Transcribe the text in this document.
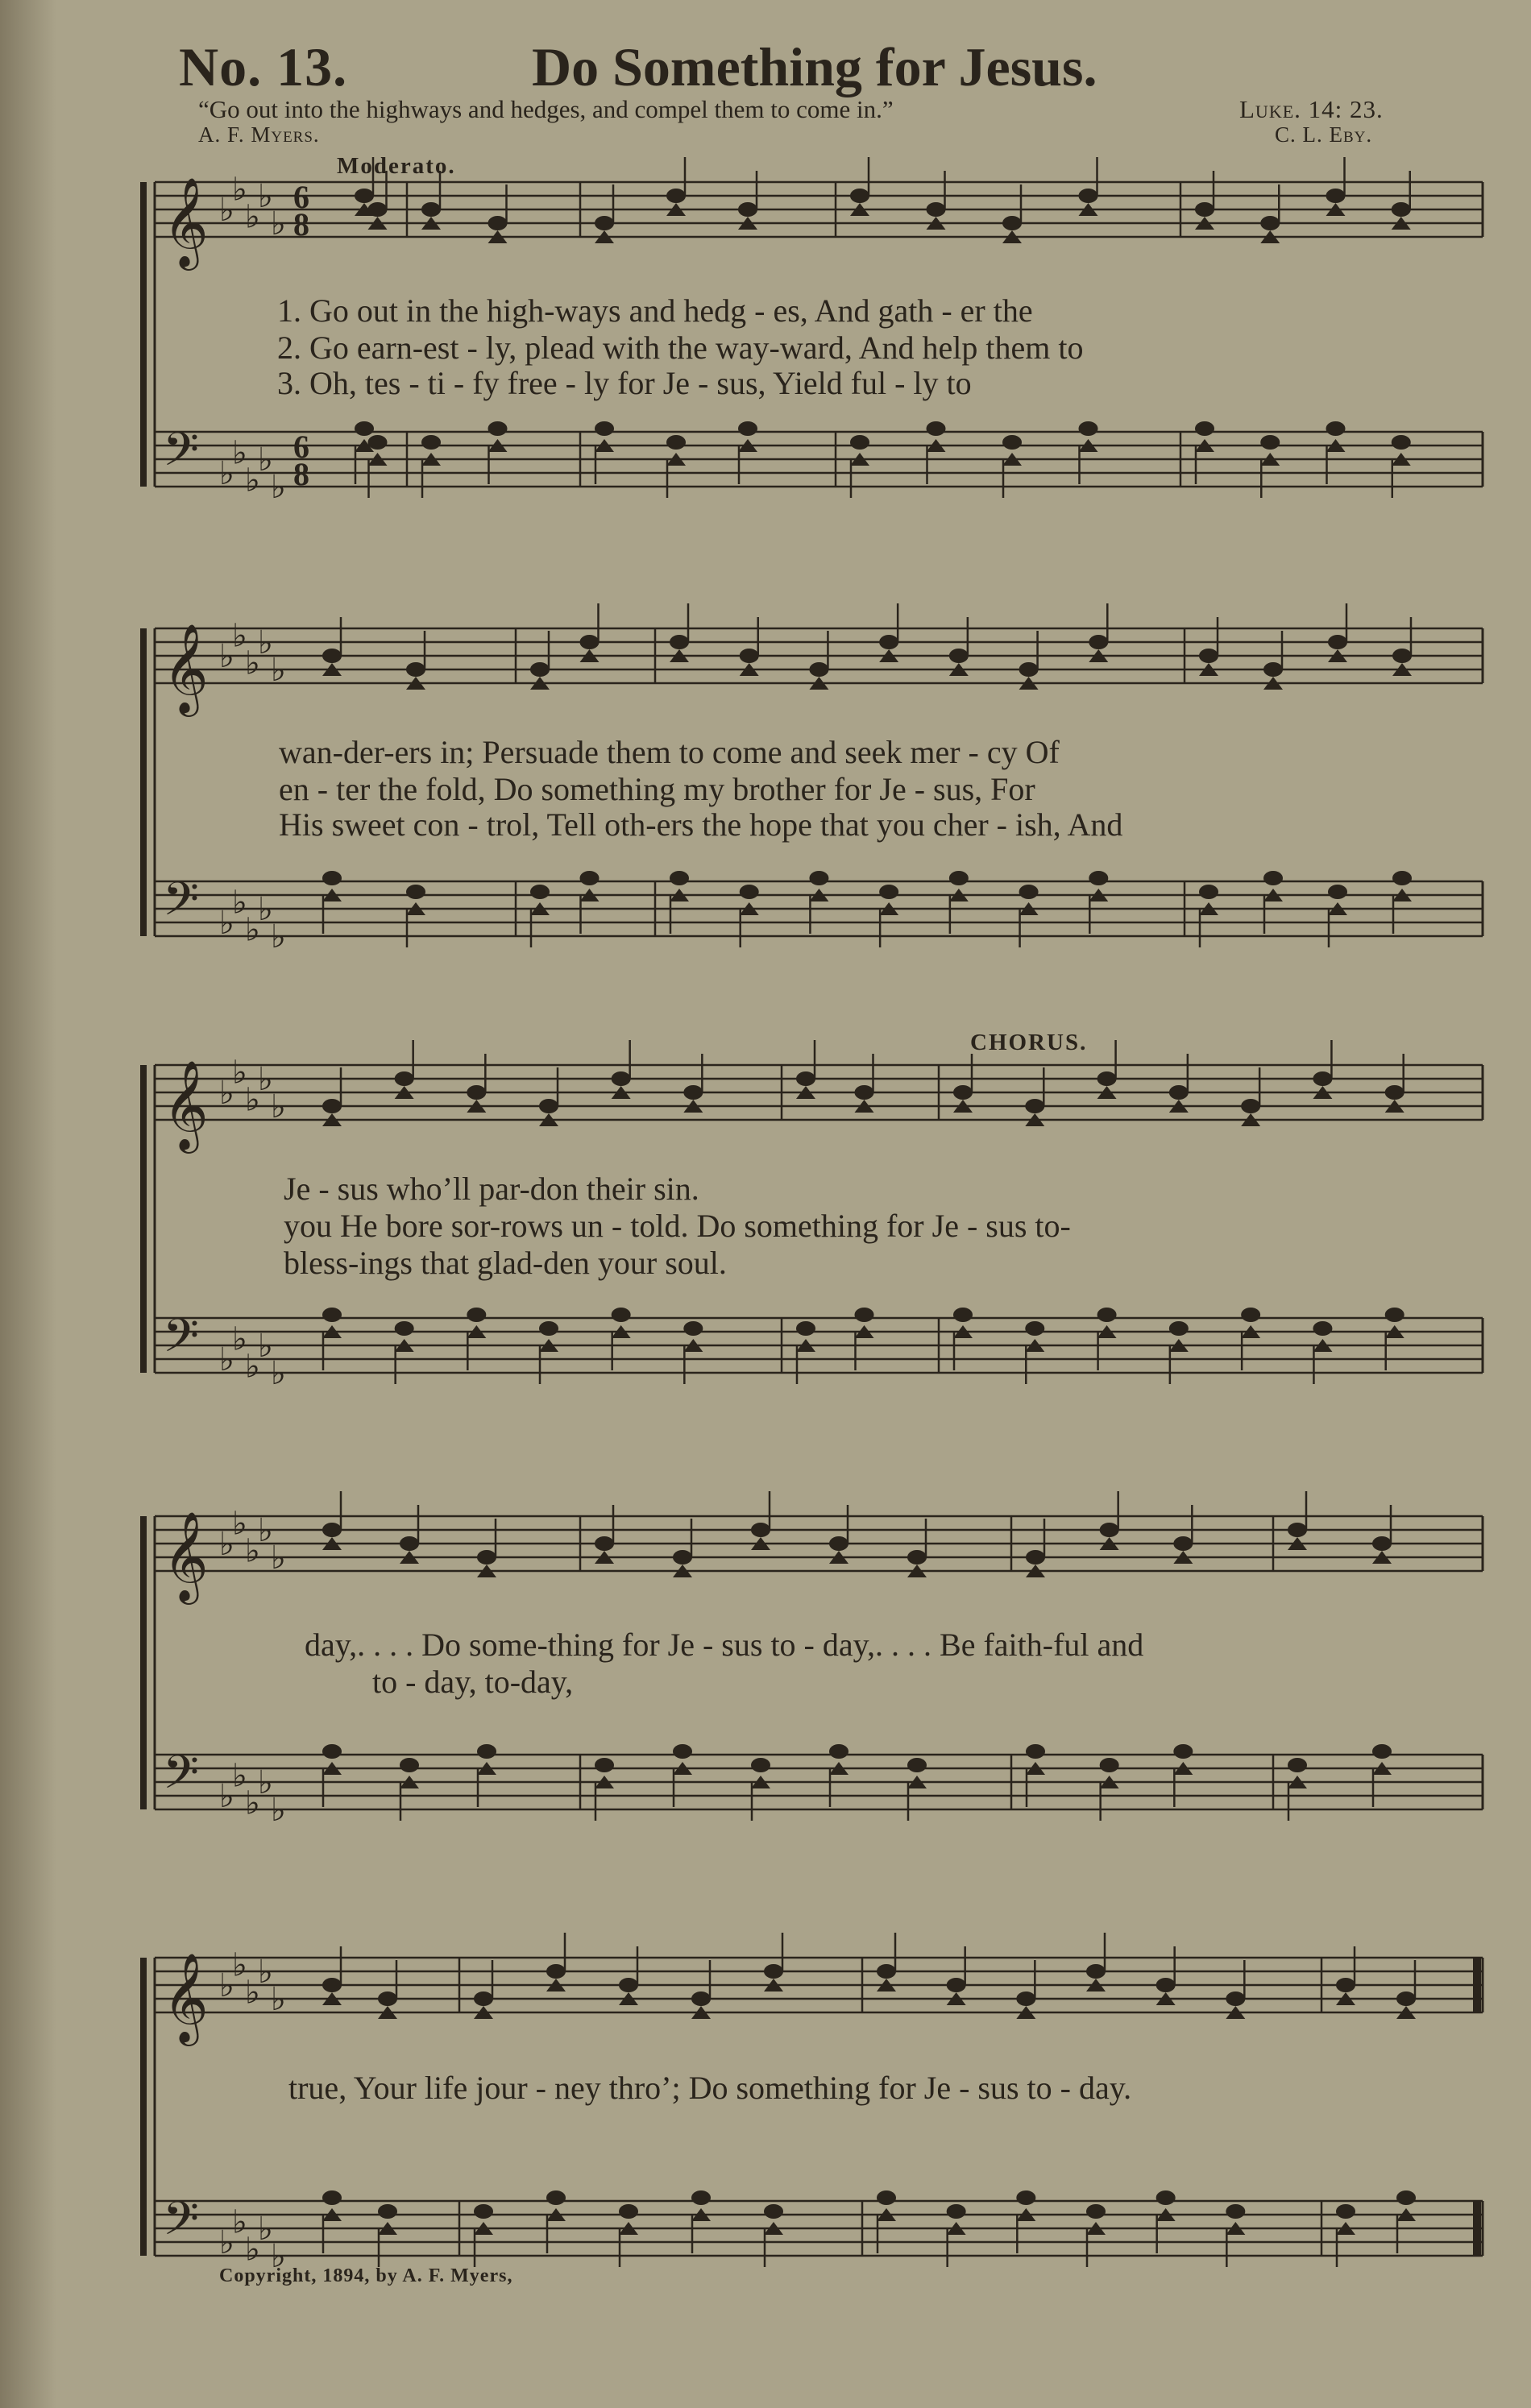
No. 13.	Do Something for Jesus.
“Go out into the highways and hedges, and compel them to come in.”	Luke. 14: 23.
A. F. Myers.	C. L. Eby.
Moderato.
CHORUS.
𝄞
𝄢
♭
♭
♭
♭
♭
♭
♭
♭
♭
♭
6
8
6
8
𝄞
𝄢
♭
♭
♭
♭
♭
♭
♭
♭
♭
♭
𝄞
𝄢
♭
♭
♭
♭
♭
♭
♭
♭
♭
♭
𝄞
𝄢
♭
♭
♭
♭
♭
♭
♭
♭
♭
♭
𝄞
𝄢
♭
♭
♭
♭
♭
♭
♭
♭
♭
♭
1. Go out in the high-ways and hedg - es, And gath - er the
2. Go earn-est - ly, plead with the way-ward, And help them to
3. Oh, tes - ti - fy free - ly for Je - sus, Yield ful - ly to
wan-der-ers in; Persuade them to come and seek mer - cy Of
en - ter the fold, Do something my brother for Je - sus, For
His sweet con - trol, Tell oth-ers the hope that you cher - ish, And
Je - sus who’ll par-don their sin.
you He bore sor-rows un - told. Do something for Je - sus to-
bless-ings that glad-den your soul.
day,. . . . Do some-thing for Je - sus to - day,. . . . Be faith-ful and
to - day, to-day,
true, Your life jour - ney thro’; Do something for Je - sus to - day.
Copyright, 1894, by A. F. Myers,
